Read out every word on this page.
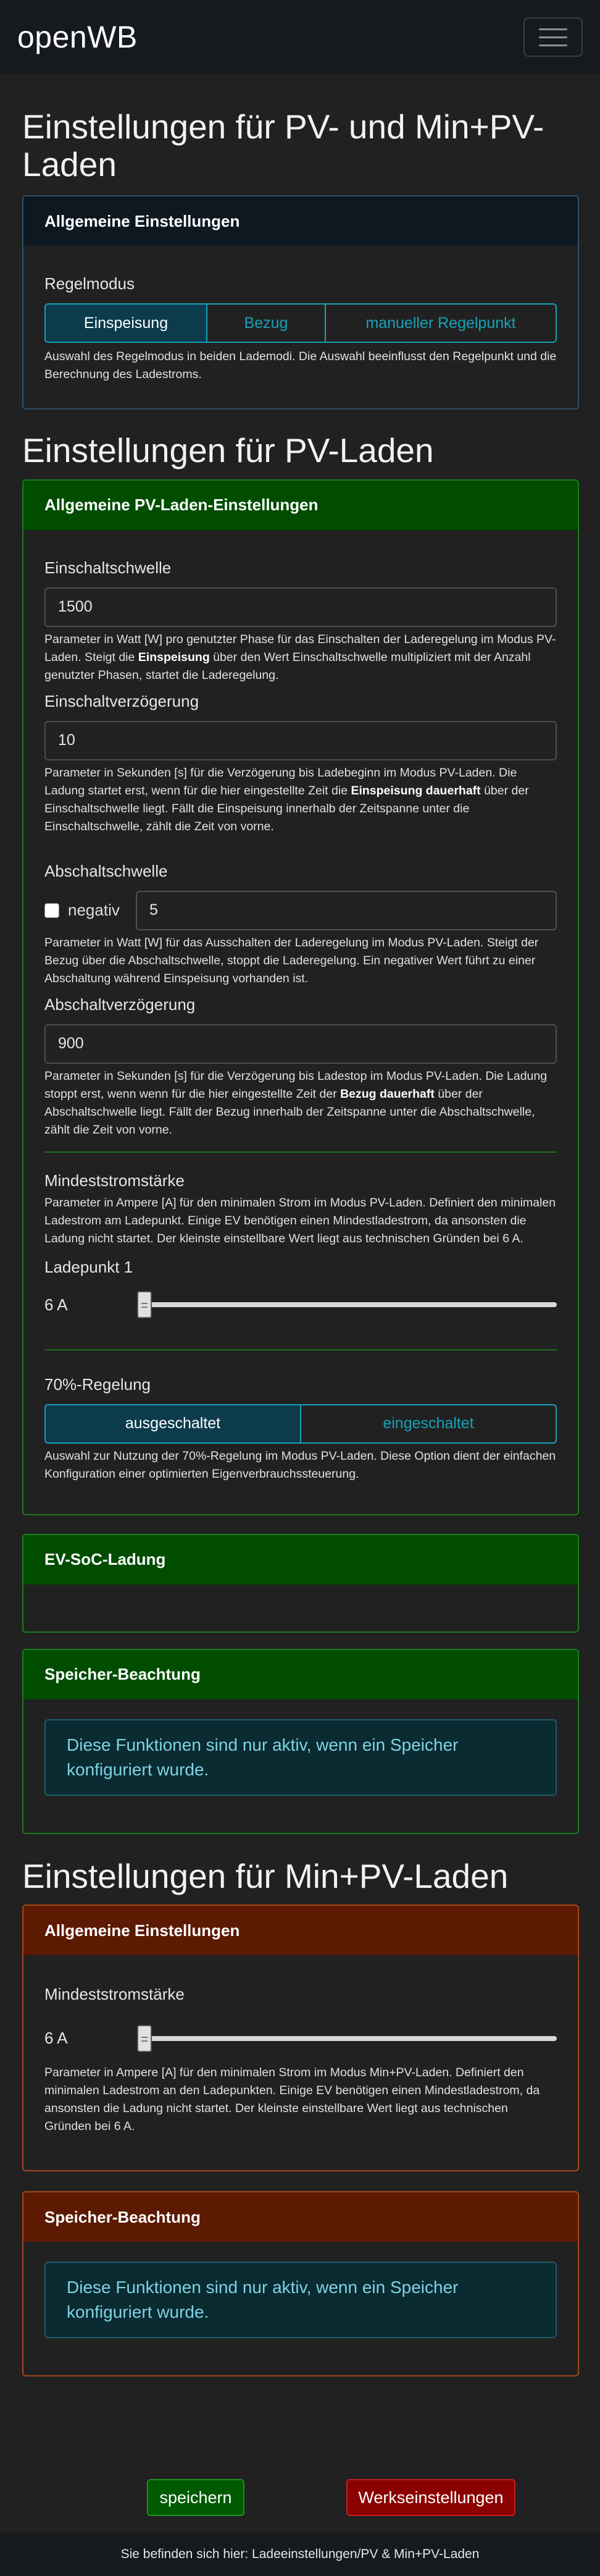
openWB
Einstellungen für PV- und Min+PV-Laden
Allgemeine Einstellungen
Regelmodus
Einspeisung	Bezug	manueller Regelpunkt
Auswahl des Regelmodus in beiden Lademodi. Die Auswahl beeinflusst den Regelpunkt und die Berechnung des Ladestroms.
Einstellungen für PV-Laden
Allgemeine PV-Laden-Einstellungen
Einschaltschwelle
1500
Parameter in Watt [W] pro genutzter Phase für das Einschalten der Laderegelung im Modus PV-Laden. Steigt die Einspeisung über den Wert Einschaltschwelle multipliziert mit der Anzahl genutzter Phasen, startet die Laderegelung.
Einschaltverzögerung
10
Parameter in Sekunden [s] für die Verzögerung bis Ladebeginn im Modus PV-Laden. Die Ladung startet erst, wenn für die hier eingestellte Zeit die Einspeisung dauerhaft über der Einschaltschwelle liegt. Fällt die Einspeisung innerhalb der Zeitspanne unter die Einschaltschwelle, zählt die Zeit von vorne.
Abschaltschwelle
negativ	5
Parameter in Watt [W] für das Ausschalten der Laderegelung im Modus PV-Laden. Steigt der Bezug über die Abschaltschwelle, stoppt die Laderegelung. Ein negativer Wert führt zu einer Abschaltung während Einspeisung vorhanden ist.
Abschaltverzögerung
900
Parameter in Sekunden [s] für die Verzögerung bis Ladestop im Modus PV-Laden. Die Ladung stoppt erst, wenn wenn für die hier eingestellte Zeit der Bezug dauerhaft über der Abschaltschwelle liegt. Fällt der Bezug innerhalb der Zeitspanne unter die Abschaltschwelle, zählt die Zeit von vorne.
Mindeststromstärke
Parameter in Ampere [A] für den minimalen Strom im Modus PV-Laden. Definiert den minimalen Ladestrom am Ladepunkt. Einige EV benötigen einen Mindestladestrom, da ansonsten die Ladung nicht startet. Der kleinste einstellbare Wert liegt aus technischen Gründen bei 6 A.
Ladepunkt 1
6 A
70%-Regelung
ausgeschaltet	eingeschaltet
Auswahl zur Nutzung der 70%-Regelung im Modus PV-Laden. Diese Option dient der einfachen Konfiguration einer optimierten Eigenverbrauchssteuerung.
EV-SoC-Ladung
Speicher-Beachtung
Diese Funktionen sind nur aktiv, wenn ein Speicher konfiguriert wurde.
Einstellungen für Min+PV-Laden
Allgemeine Einstellungen
Mindeststromstärke
6 A
Parameter in Ampere [A] für den minimalen Strom im Modus Min+PV-Laden. Definiert den minimalen Ladestrom an den Ladepunkten. Einige EV benötigen einen Mindestladestrom, da ansonsten die Ladung nicht startet. Der kleinste einstellbare Wert liegt aus technischen Gründen bei 6 A.
Speicher-Beachtung
Diese Funktionen sind nur aktiv, wenn ein Speicher konfiguriert wurde.
speichern	Werkseinstellungen
Sie befinden sich hier: Ladeeinstellungen/PV & Min+PV-Laden
